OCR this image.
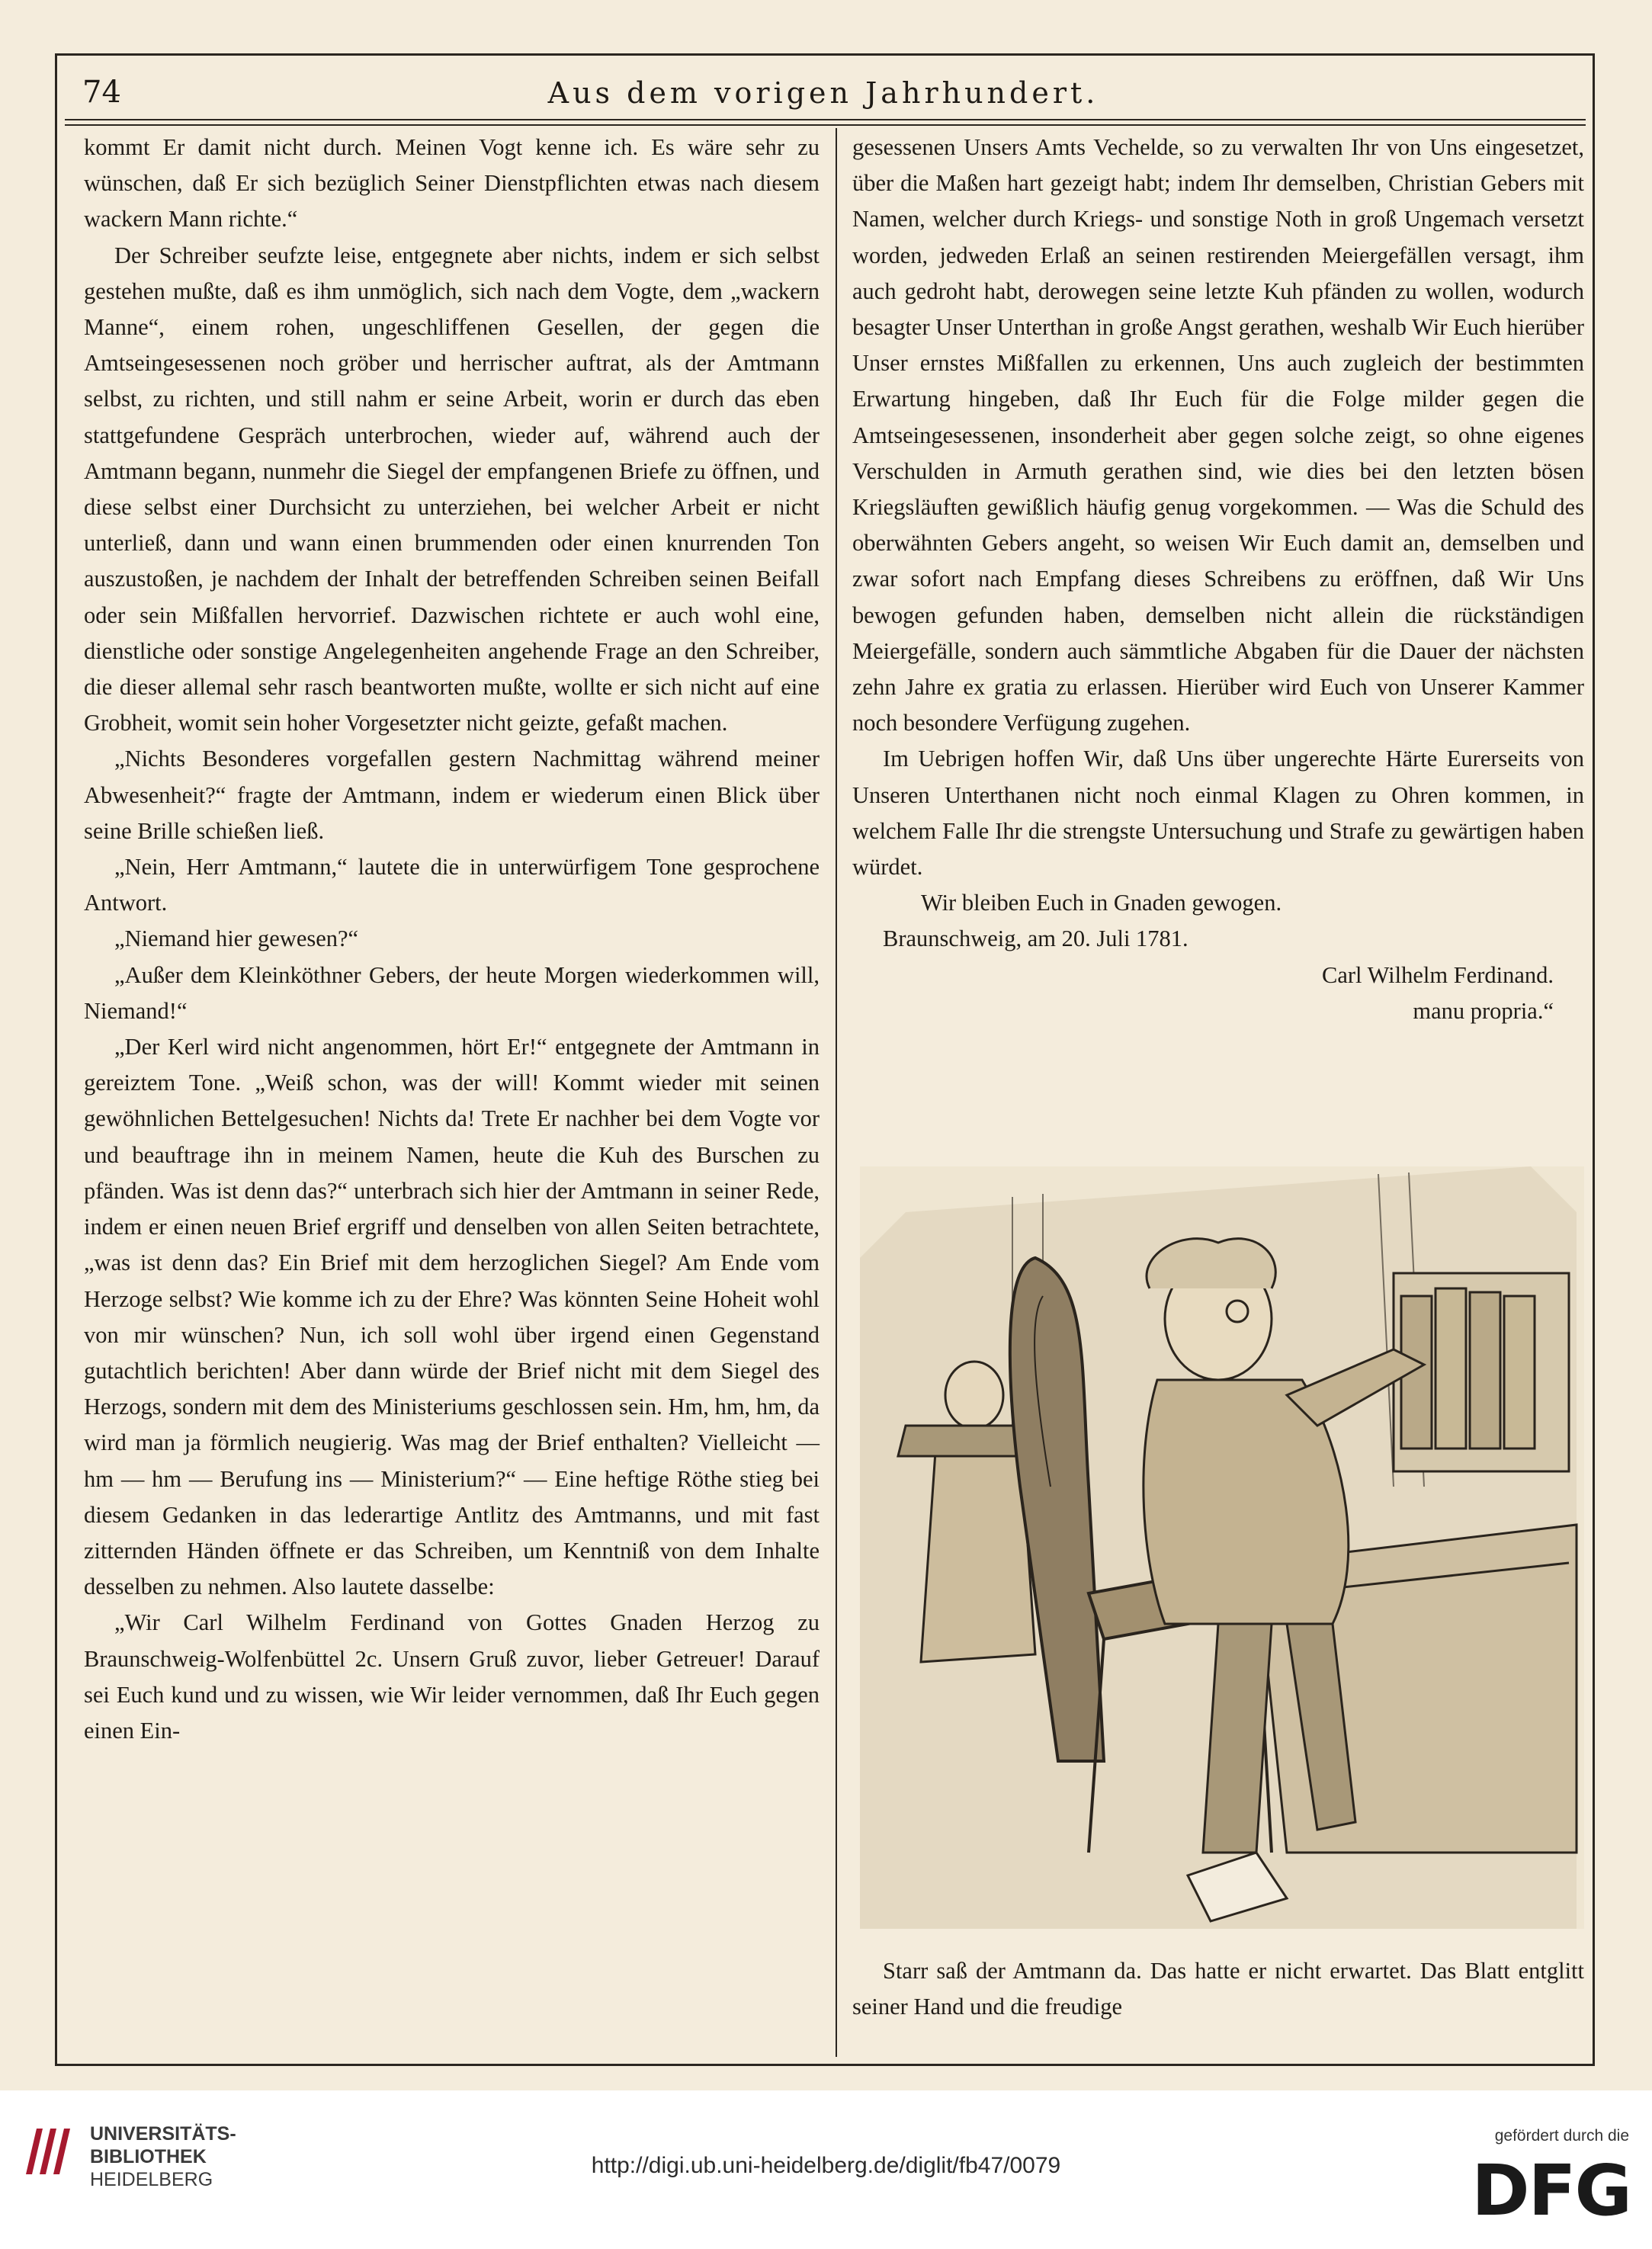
74	Aus dem vorigen Jahrhundert.

kommt Er damit nicht durch. Meinen Vogt kenne ich. Es wäre sehr zu wünschen, daß Er sich bezüglich Seiner Dienstpflichten etwas nach diesem wackern Mann richte.“

Der Schreiber seufzte leise, entgegnete aber nichts, indem er sich selbst gestehen mußte, daß es ihm unmöglich, sich nach dem Vogte, dem „wackern Manne“, einem rohen, ungeschliffenen Gesellen, der gegen die Amtseingesessenen noch gröber und herrischer auftrat, als der Amtmann selbst, zu richten, und still nahm er seine Arbeit, worin er durch das eben stattgefundene Gespräch unterbrochen, wieder auf, während auch der Amtmann begann, nunmehr die Siegel der empfangenen Briefe zu öffnen, und diese selbst einer Durchsicht zu unterziehen, bei welcher Arbeit er nicht unterließ, dann und wann einen brummenden oder einen knurrenden Ton auszustoßen, je nachdem der Inhalt der betreffenden Schreiben seinen Beifall oder sein Mißfallen hervorrief. Dazwischen richtete er auch wohl eine, dienstliche oder sonstige Angelegenheiten angehende Frage an den Schreiber, die dieser allemal sehr rasch beantworten mußte, wollte er sich nicht auf eine Grobheit, womit sein hoher Vorgesetzter nicht geizte, gefaßt machen.

„Nichts Besonderes vorgefallen gestern Nachmittag während meiner Abwesenheit?“ fragte der Amtmann, indem er wiederum einen Blick über seine Brille schießen ließ.

„Nein, Herr Amtmann,“ lautete die in unterwürfigem Tone gesprochene Antwort.

„Niemand hier gewesen?“

„Außer dem Kleinköthner Gebers, der heute Morgen wiederkommen will, Niemand!“

„Der Kerl wird nicht angenommen, hört Er!“ entgegnete der Amtmann in gereiztem Tone. „Weiß schon, was der will! Kommt wieder mit seinen gewöhnlichen Bettelgesuchen! Nichts da! Trete Er nachher bei dem Vogte vor und beauftrage ihn in meinem Namen, heute die Kuh des Burschen zu pfänden. Was ist denn das?“ unterbrach sich hier der Amtmann in seiner Rede, indem er einen neuen Brief ergriff und denselben von allen Seiten betrachtete, „was ist denn das? Ein Brief mit dem herzoglichen Siegel? Am Ende vom Herzoge selbst? Wie komme ich zu der Ehre? Was könnten Seine Hoheit wohl von mir wünschen? Nun, ich soll wohl über irgend einen Gegenstand gutachtlich berichten! Aber dann würde der Brief nicht mit dem Siegel des Herzogs, sondern mit dem des Ministeriums geschlossen sein. Hm, hm, hm, da wird man ja förmlich neugierig. Was mag der Brief enthalten? Vielleicht — hm — hm — Berufung ins — Ministerium?“ — Eine heftige Röthe stieg bei diesem Gedanken in das lederartige Antlitz des Amtmanns, und mit fast zitternden Händen öffnete er das Schreiben, um Kenntniß von dem Inhalte desselben zu nehmen. Also lautete dasselbe:

„Wir Carl Wilhelm Ferdinand von Gottes Gnaden Herzog zu Braunschweig-Wolfenbüttel 2c. Unsern Gruß zuvor, lieber Getreuer! Darauf sei Euch kund und zu wissen, wie Wir leider vernommen, daß Ihr Euch gegen einen Ein-

gesessenen Unsers Amts Vechelde, so zu verwalten Ihr von Uns eingesetzet, über die Maßen hart gezeigt habt; indem Ihr demselben, Christian Gebers mit Namen, welcher durch Kriegs- und sonstige Noth in groß Ungemach versetzt worden, jedweden Erlaß an seinen restirenden Meiergefällen versagt, ihm auch gedroht habt, derowegen seine letzte Kuh pfänden zu wollen, wodurch besagter Unser Unterthan in große Angst gerathen, weshalb Wir Euch hierüber Unser ernstes Mißfallen zu erkennen, Uns auch zugleich der bestimmten Erwartung hingeben, daß Ihr Euch für die Folge milder gegen die Amtseingesessenen, insonderheit aber gegen solche zeigt, so ohne eigenes Verschulden in Armuth gerathen sind, wie dies bei den letzten bösen Kriegsläuften gewißlich häufig genug vorgekommen. — Was die Schuld des oberwähnten Gebers angeht, so weisen Wir Euch damit an, demselben und zwar sofort nach Empfang dieses Schreibens zu eröffnen, daß Wir Uns bewogen gefunden haben, demselben nicht allein die rückständigen Meiergefälle, sondern auch sämmtliche Abgaben für die Dauer der nächsten zehn Jahre ex gratia zu erlassen. Hierüber wird Euch von Unserer Kammer noch besondere Verfügung zugehen.

Im Uebrigen hoffen Wir, daß Uns über ungerechte Härte Eurerseits von Unseren Unterthanen nicht noch einmal Klagen zu Ohren kommen, in welchem Falle Ihr die strengste Untersuchung und Strafe zu gewärtigen haben würdet.

Wir bleiben Euch in Gnaden gewogen.

Braunschweig, am 20. Juli 1781.

Carl Wilhelm Ferdinand.

manu propria.“

Starr saß der Amtmann da. Das hatte er nicht erwartet. Das Blatt entglitt seiner Hand und die freudige

UNIVERSITÄTS-
BIBLIOTHEK
HEIDELBERG
http://digi.ub.uni-heidelberg.de/diglit/fb47/0079
gefördert durch die
DFG
